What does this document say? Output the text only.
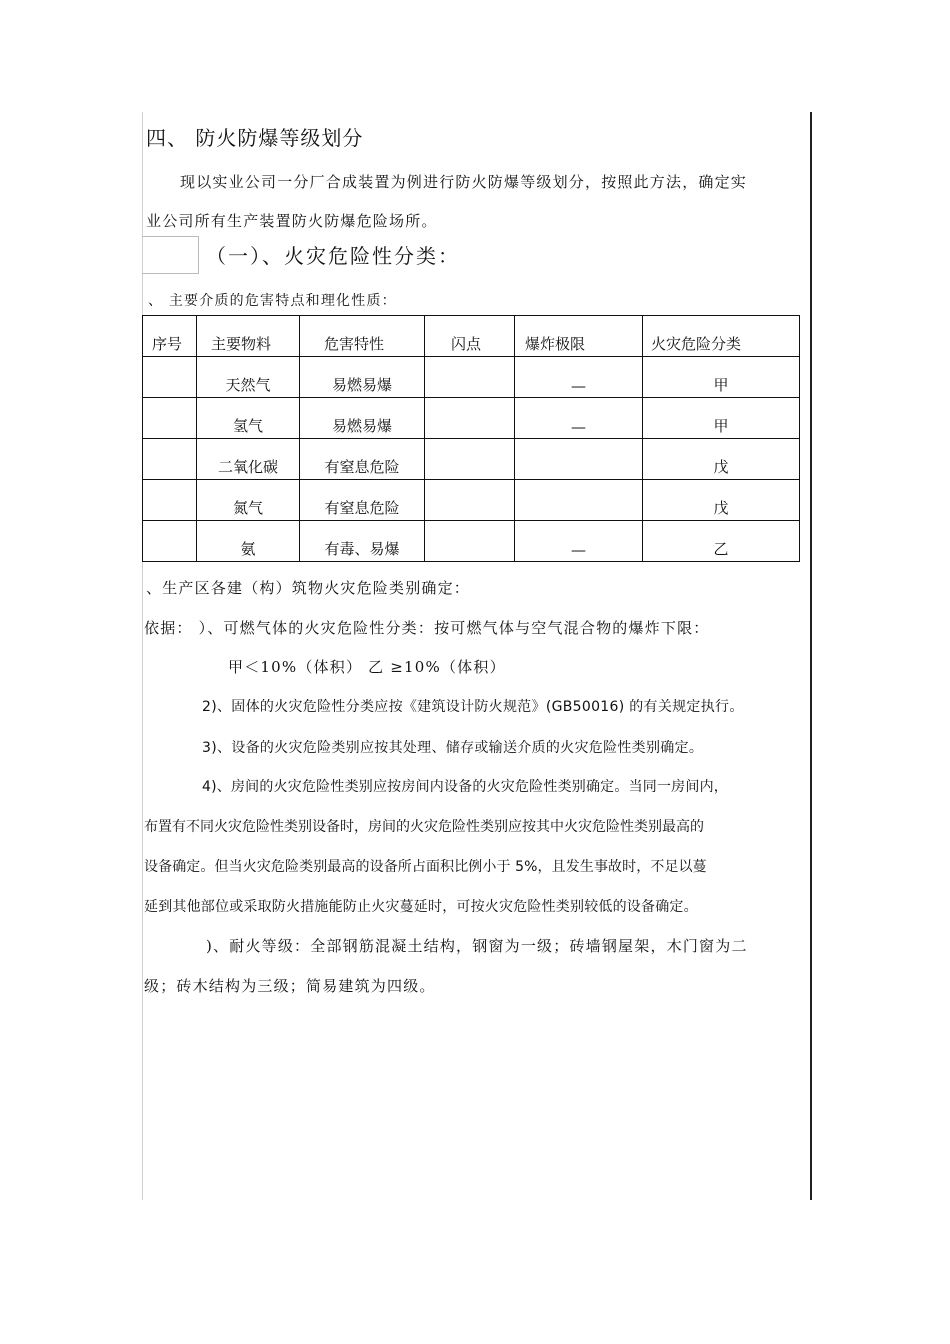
四、 防火防爆等级划分
现以实业公司一分厂合成装置为例进行防火防爆等级划分，按照此方法，确定实
业公司所有生产装置防火防爆危险场所。
（一）、火灾危险性分类：
、 主要介质的危害特点和理化性质：
序号	主要物料	危害特性	闪点	爆炸极限	火灾危险分类
	天然气	易燃易爆		—	甲
	氢气	易燃易爆		—	甲
	二氧化碳	有窒息危险			戊
	氮气	有窒息危险			戊
	氨	有毒、易爆		—	乙
、生产区各建（构）筑物火灾危险类别确定：
依据： ）、可燃气体的火灾危险性分类：按可燃气体与空气混合物的爆炸下限：
甲＜10%（体积） 乙 ≥10%（体积）
2)、固体的火灾危险性分类应按《建筑设计防火规范》(GB50016) 的有关规定执行。
3)、设备的火灾危险类别应按其处理、储存或输送介质的火灾危险性类别确定。
4)、房间的火灾危险性类别应按房间内设备的火灾危险性类别确定。当同一房间内，
布置有不同火灾危险性类别设备时，房间的火灾危险性类别应按其中火灾危险性类别最高的
设备确定。但当火灾危险类别最高的设备所占面积比例小于 5%，且发生事故时，不足以蔓
延到其他部位或采取防火措施能防止火灾蔓延时，可按火灾危险性类别较低的设备确定。
)、耐火等级：全部钢筋混凝土结构，钢窗为一级；砖墙钢屋架，木门窗为二
级；砖木结构为三级；简易建筑为四级。
